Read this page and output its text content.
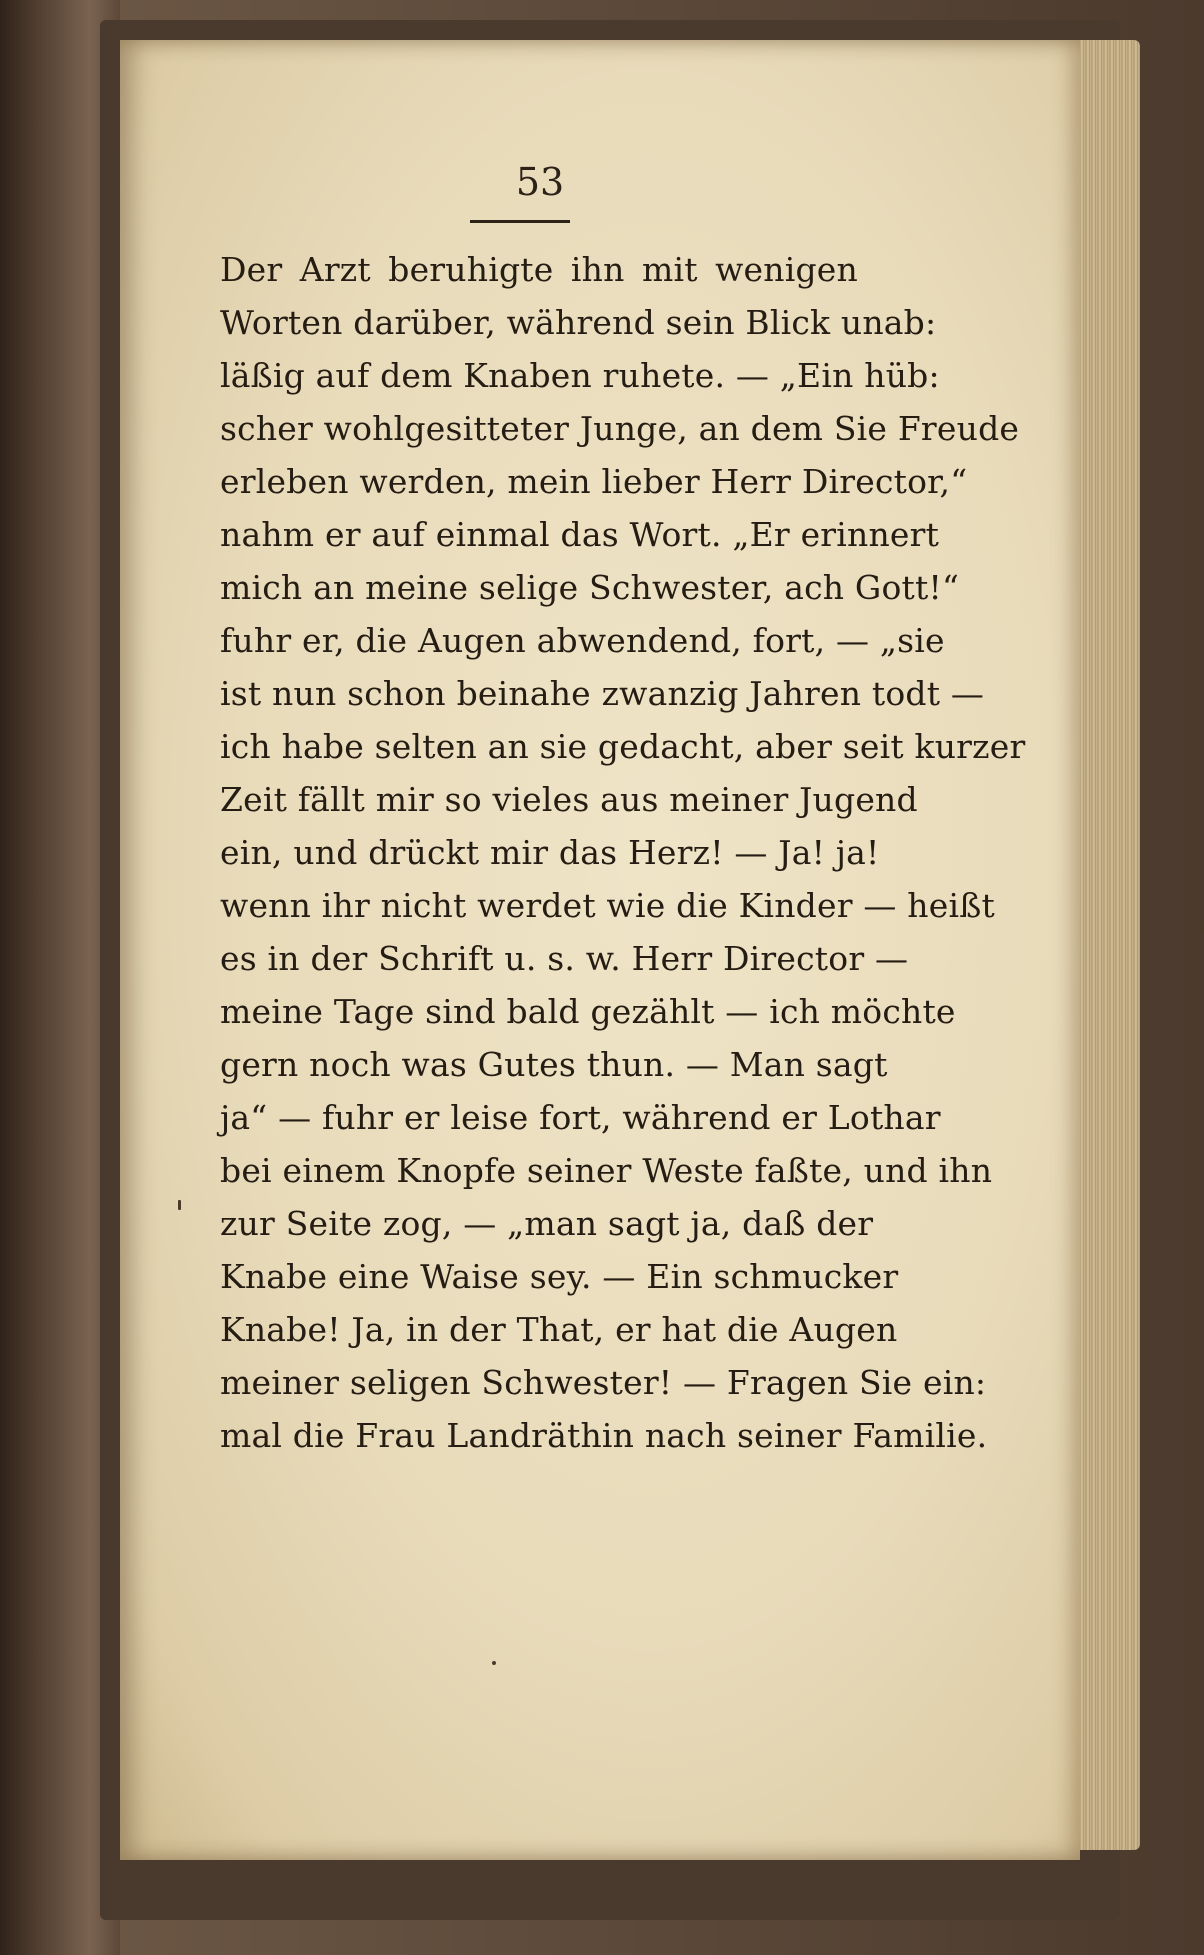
53
Der Arzt beruhigte ihn mit wenigen
Worten darüber, während sein Blick unab:
läßig auf dem Knaben ruhete. — „Ein hüb:
scher wohlgesitteter Junge, an dem Sie Freude
erleben werden, mein lieber Herr Director,“
nahm er auf einmal das Wort. „Er erinnert
mich an meine selige Schwester, ach Gott!“
fuhr er, die Augen abwendend, fort, — „sie
ist nun schon beinahe zwanzig Jahren todt —
ich habe selten an sie gedacht, aber seit kurzer
Zeit fällt mir so vieles aus meiner Jugend
ein, und drückt mir das Herz! — Ja! ja!
wenn ihr nicht werdet wie die Kinder — heißt
es in der Schrift u. s. w. Herr Director —
meine Tage sind bald gezählt — ich möchte
gern noch was Gutes thun. — Man sagt
ja“ — fuhr er leise fort, während er Lothar
bei einem Knopfe seiner Weste faßte, und ihn
zur Seite zog, — „man sagt ja, daß der
Knabe eine Waise sey. — Ein schmucker
Knabe! Ja, in der That, er hat die Augen
meiner seligen Schwester! — Fragen Sie ein:
mal die Frau Landräthin nach seiner Familie.
